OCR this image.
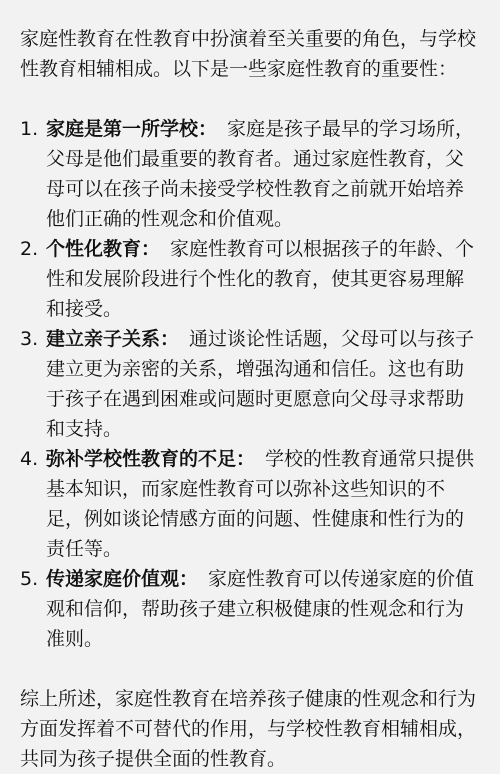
家庭性教育在性教育中扮演着至关重要的角色，与学校性教育相辅相成。以下是一些家庭性教育的重要性：

1. 家庭是第一所学校： 家庭是孩子最早的学习场所，父母是他们最重要的教育者。通过家庭性教育，父母可以在孩子尚未接受学校性教育之前就开始培养他们正确的性观念和价值观。
2. 个性化教育： 家庭性教育可以根据孩子的年龄、个性和发展阶段进行个性化的教育，使其更容易理解和接受。
3. 建立亲子关系： 通过谈论性话题，父母可以与孩子建立更为亲密的关系，增强沟通和信任。这也有助于孩子在遇到困难或问题时更愿意向父母寻求帮助和支持。
4. 弥补学校性教育的不足： 学校的性教育通常只提供基本知识，而家庭性教育可以弥补这些知识的不足，例如谈论情感方面的问题、性健康和性行为的责任等。
5. 传递家庭价值观： 家庭性教育可以传递家庭的价值观和信仰，帮助孩子建立积极健康的性观念和行为准则。

综上所述，家庭性教育在培养孩子健康的性观念和行为方面发挥着不可替代的作用，与学校性教育相辅相成，共同为孩子提供全面的性教育。
